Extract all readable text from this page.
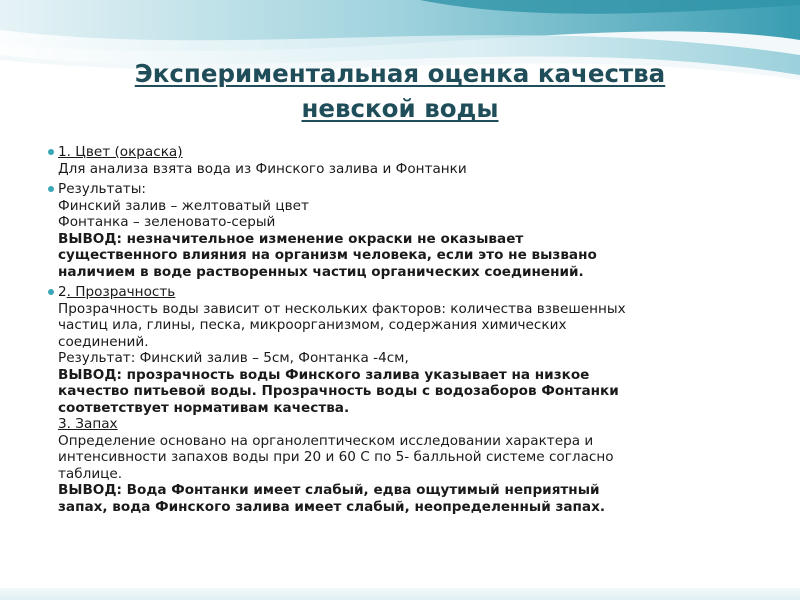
Экспериментальная оценка качества
невской воды
1. Цвет (окраска)
Для анализа взята вода из Финского залива и Фонтанки
Результаты:
Финский залив – желтоватый цвет
Фонтанка – зеленовато-серый
ВЫВОД: незначительное изменение окраски не оказывает
существенного влияния на организм человека, если это не вызвано
наличием в воде растворенных частиц органических соединений.
2. Прозрачность
Прозрачность воды зависит от нескольких факторов: количества взвешенных
частиц ила, глины, песка, микроорганизмом, содержания химических
соединений.
Результат: Финский залив – 5см, Фонтанка -4см,
ВЫВОД: прозрачность воды Финского залива указывает на низкое
качество питьевой воды. Прозрачность воды с водозаборов Фонтанки
соответствует нормативам качества.
3. Запах
Определение основано на органолептическом исследовании характера и
интенсивности запахов воды при 20 и 60 С по 5- балльной системе согласно
таблице.
ВЫВОД: Вода Фонтанки имеет слабый, едва ощутимый неприятный
запах, вода Финского залива имеет слабый, неопределенный запах.
